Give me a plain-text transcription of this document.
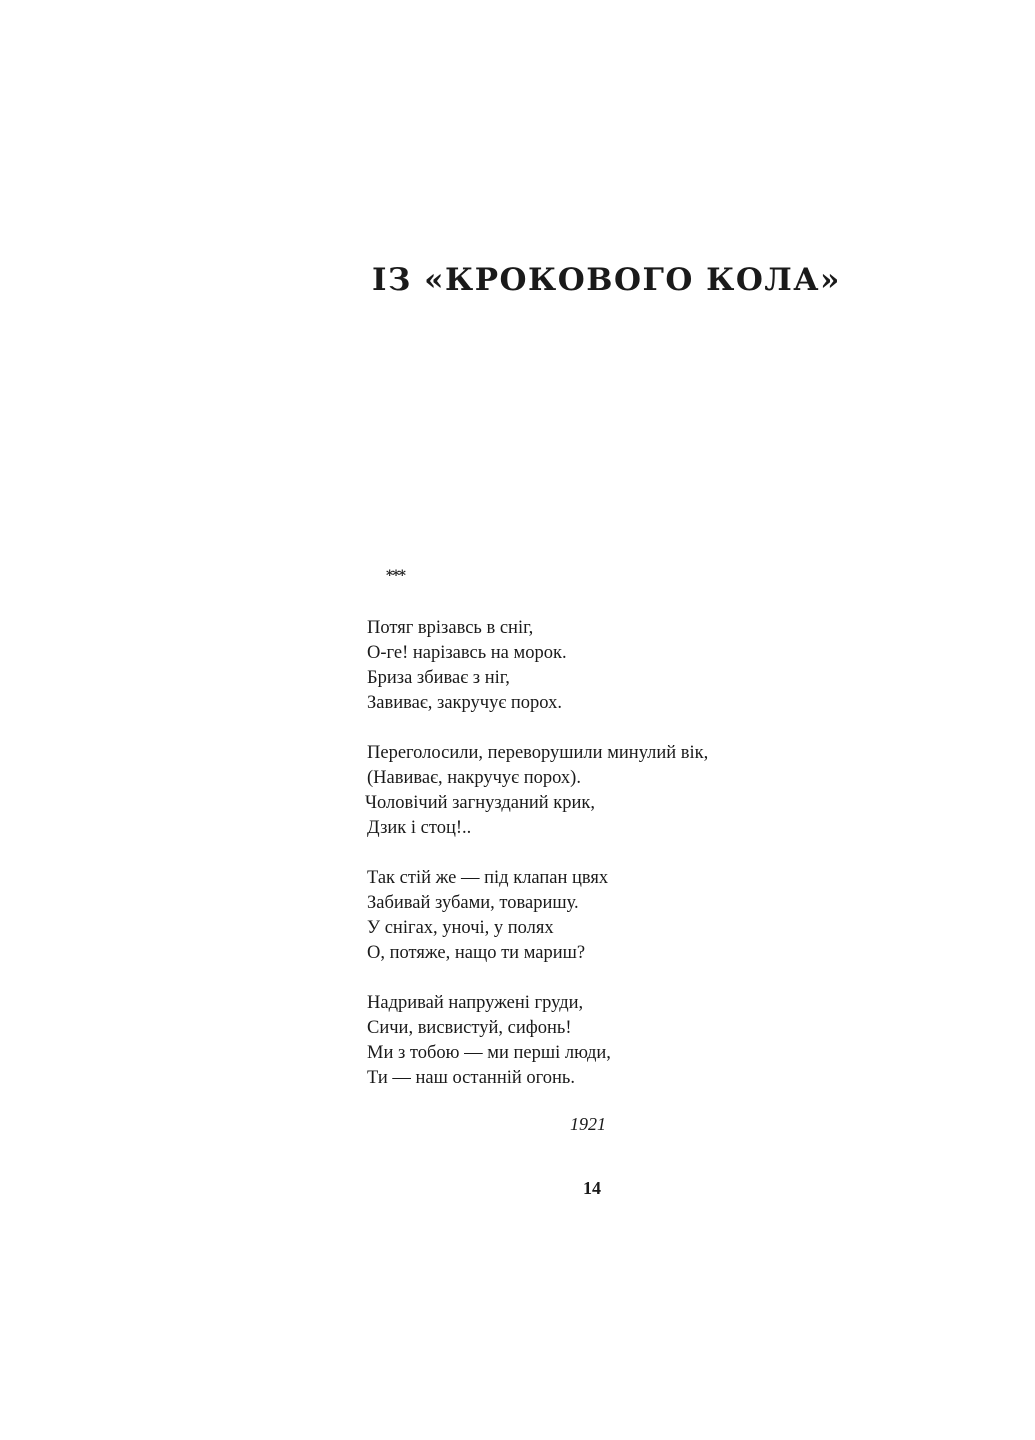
ІЗ «КРОКОВОГО КОЛА»
***
Потяг врізавсь в сніг,
О-ге! нарізавсь на морок.
Бриза збиває з ніг,
Завиває, закручує порох.
Переголосили, переворушили минулий вік,
(Навиває, накручує порох).
Чоловічий загнузданий крик,
Дзик і стоц!..
Так стій же — під клапан цвях
Забивай зубами, товаришу.
У снігах, уночі, у полях
О, потяже, нащо ти мариш?
Надривай напружені груди,
Сичи, висвистуй, сифонь!
Ми з тобою — ми перші люди,
Ти — наш останній огонь.
1921
14
